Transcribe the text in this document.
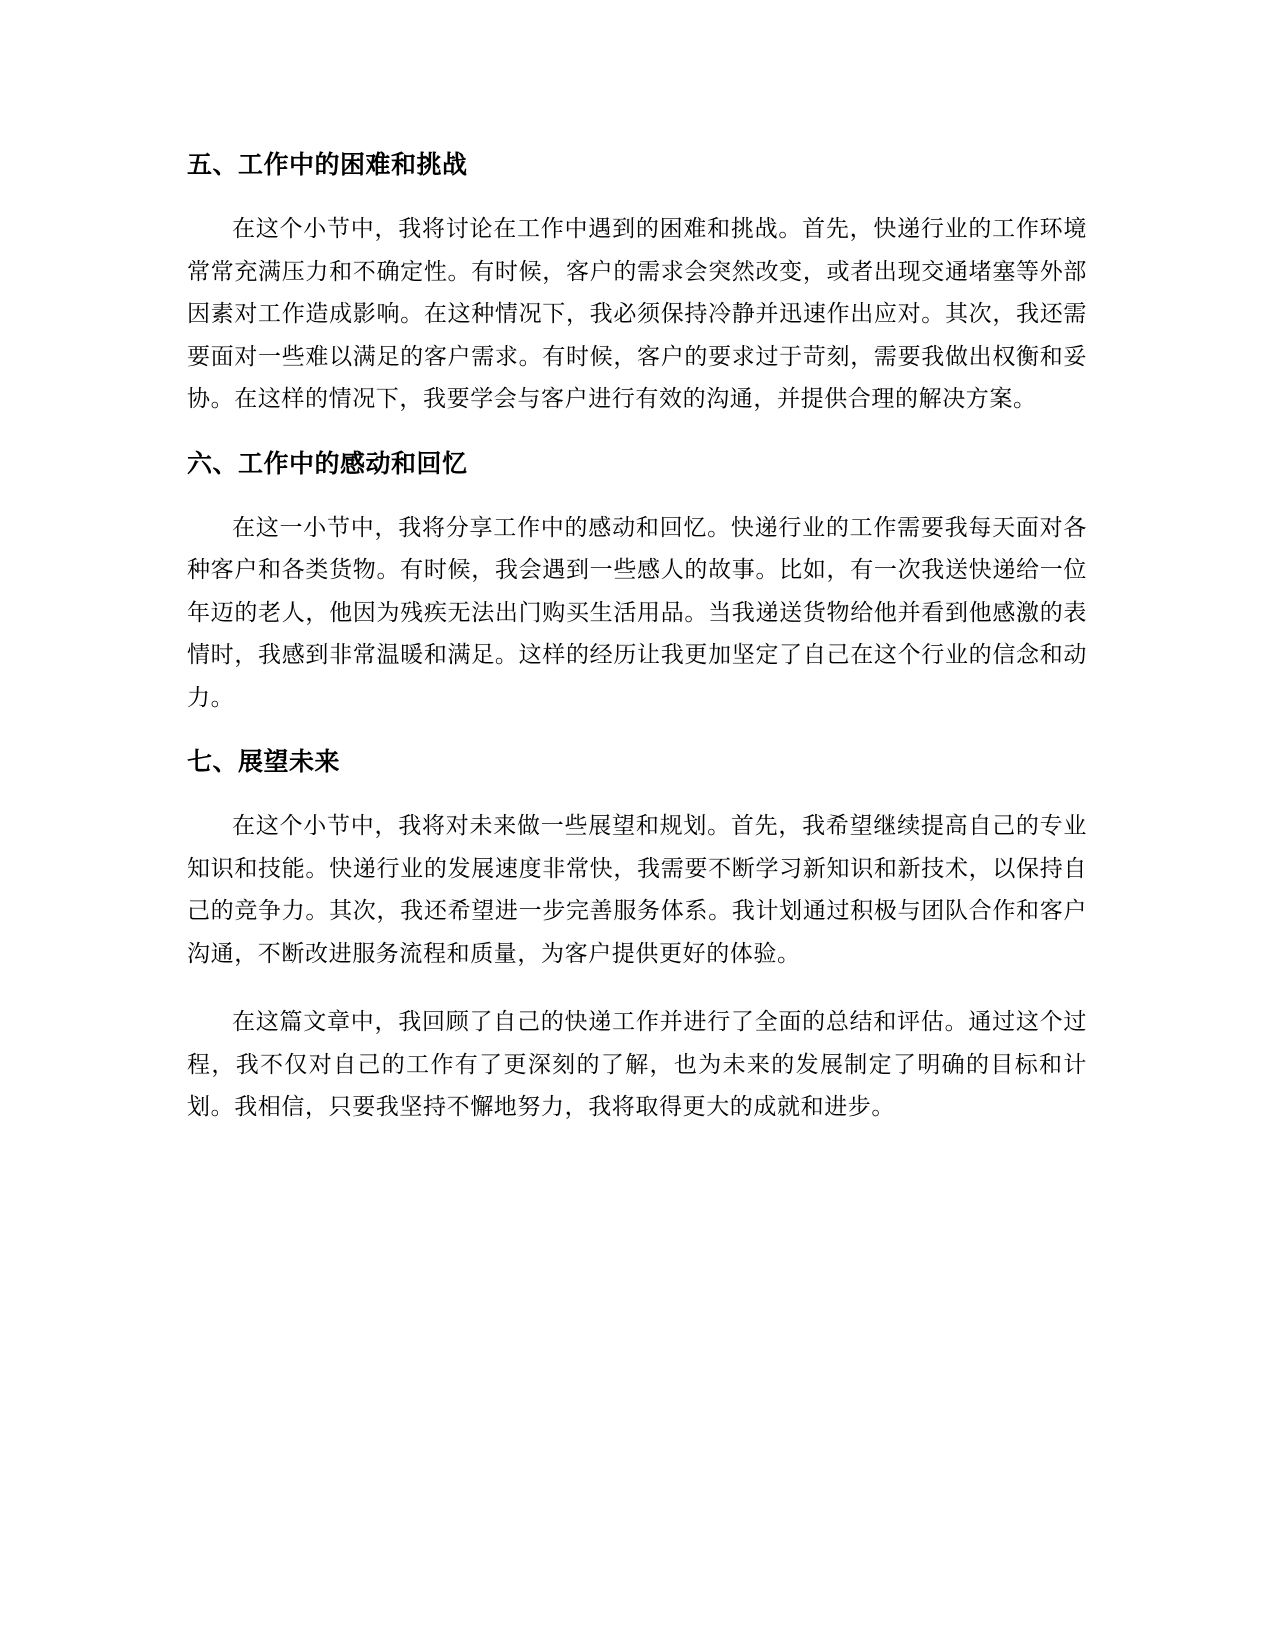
五、工作中的困难和挑战

在这个小节中，我将讨论在工作中遇到的困难和挑战。首先，快递行业的工作环境常常充满压力和不确定性。有时候，客户的需求会突然改变，或者出现交通堵塞等外部因素对工作造成影响。在这种情况下，我必须保持冷静并迅速作出应对。其次，我还需要面对一些难以满足的客户需求。有时候，客户的要求过于苛刻，需要我做出权衡和妥协。在这样的情况下，我要学会与客户进行有效的沟通，并提供合理的解决方案。

六、工作中的感动和回忆

在这一小节中，我将分享工作中的感动和回忆。快递行业的工作需要我每天面对各种客户和各类货物。有时候，我会遇到一些感人的故事。比如，有一次我送快递给一位年迈的老人，他因为残疾无法出门购买生活用品。当我递送货物给他并看到他感激的表情时，我感到非常温暖和满足。这样的经历让我更加坚定了自己在这个行业的信念和动力。

七、展望未来

在这个小节中，我将对未来做一些展望和规划。首先，我希望继续提高自己的专业知识和技能。快递行业的发展速度非常快，我需要不断学习新知识和新技术，以保持自己的竞争力。其次，我还希望进一步完善服务体系。我计划通过积极与团队合作和客户沟通，不断改进服务流程和质量，为客户提供更好的体验。

在这篇文章中，我回顾了自己的快递工作并进行了全面的总结和评估。通过这个过程，我不仅对自己的工作有了更深刻的了解，也为未来的发展制定了明确的目标和计划。我相信，只要我坚持不懈地努力，我将取得更大的成就和进步。
